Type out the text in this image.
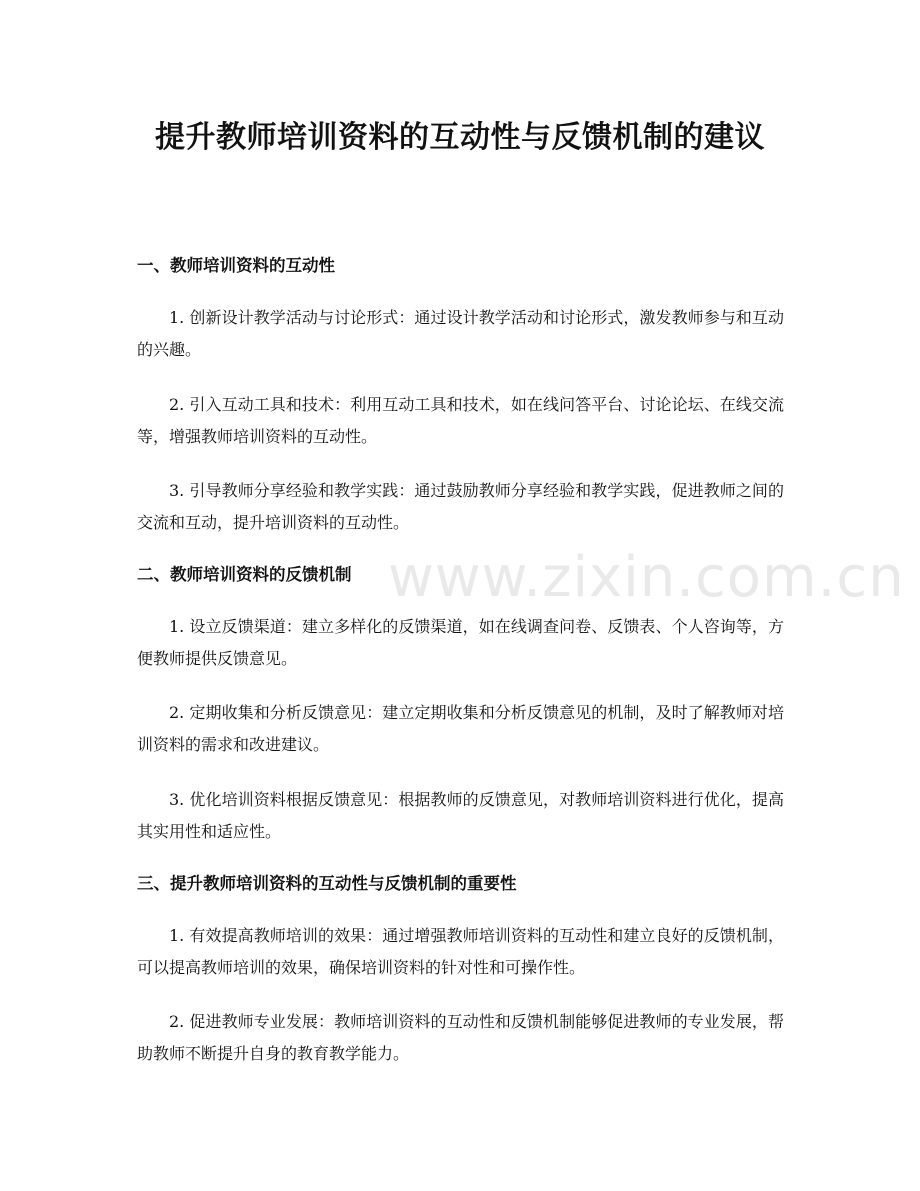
提升教师培训资料的互动性与反馈机制的建议
一、教师培训资料的互动性

1. 创新设计教学活动与讨论形式：通过设计教学活动和讨论形式，激发教师参与和互动的兴趣。

2. 引入互动工具和技术：利用互动工具和技术，如在线问答平台、讨论论坛、在线交流等，增强教师培训资料的互动性。

3. 引导教师分享经验和教学实践：通过鼓励教师分享经验和教学实践，促进教师之间的交流和互动，提升培训资料的互动性。

二、教师培训资料的反馈机制

1. 设立反馈渠道：建立多样化的反馈渠道，如在线调查问卷、反馈表、个人咨询等，方便教师提供反馈意见。

2. 定期收集和分析反馈意见：建立定期收集和分析反馈意见的机制，及时了解教师对培训资料的需求和改进建议。

3. 优化培训资料根据反馈意见：根据教师的反馈意见，对教师培训资料进行优化，提高其实用性和适应性。

三、提升教师培训资料的互动性与反馈机制的重要性

1. 有效提高教师培训的效果：通过增强教师培训资料的互动性和建立良好的反馈机制，可以提高教师培训的效果，确保培训资料的针对性和可操作性。

2. 促进教师专业发展：教师培训资料的互动性和反馈机制能够促进教师的专业发展，帮助教师不断提升自身的教育教学能力。

www.zixin.com.cn
